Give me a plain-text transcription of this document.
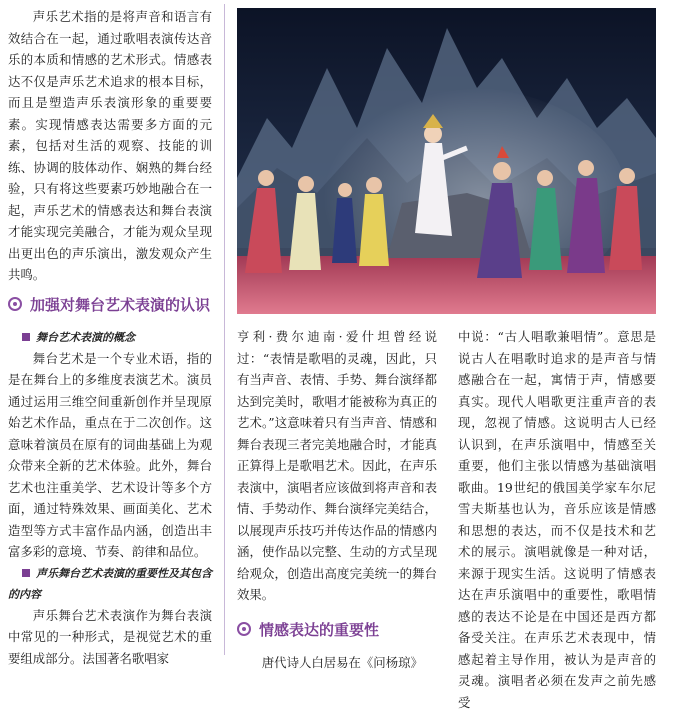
声乐艺术指的是将声音和语言有效结合在一起，通过歌唱表演传达音乐的本质和情感的艺术形式。情感表达不仅是声乐艺术追求的根本目标，而且是塑造声乐表演形象的重要要素。实现情感表达需要多方面的元素，包括对生活的观察、技能的训练、协调的肢体动作、娴熟的舞台经验，只有将这些要素巧妙地融合在一起，声乐艺术的情感表达和舞台表演才能实现完美融合，才能为观众呈现出更出色的声乐演出，激发观众产生共鸣。

加强对舞台艺术表演的认识
舞台艺术表演的概念

舞台艺术是一个专业术语，指的是在舞台上的多维度表演艺术。演员通过运用三维空间重新创作并呈现原始艺术作品，重点在于二次创作。这意味着演员在原有的词曲基础上为观众带来全新的艺术体验。此外，舞台艺术也注重美学、艺术设计等多个方面，通过特殊效果、画面美化、艺术造型等方式丰富作品内涵，创造出丰富多彩的意境、节奏、韵律和品位。

声乐舞台艺术表演的重要性及其包含的内容

声乐舞台艺术表演作为舞台表演中常见的一种形式，是视觉艺术的重要组成部分。法国著名歌唱家

亨利·费尔迪南·爱什坦曾经说过：“表情是歌唱的灵魂，因此，只有当声音、表情、手势、舞台演绎都达到完美时，歌唱才能被称为真正的艺术。”这意味着只有当声音、情感和舞台表现三者完美地融合时，才能真正算得上是歌唱艺术。因此，在声乐表演中，演唱者应该做到将声音和表情、手势动作、舞台演绎完美结合，以展现声乐技巧并传达作品的情感内涵，使作品以完整、生动的方式呈现给观众，创造出高度完美统一的舞台效果。

情感表达的重要性

唐代诗人白居易在《问杨琼》

中说：“古人唱歌兼唱情”。意思是说古人在唱歌时追求的是声音与情感融合在一起，寓情于声，情感要真实。现代人唱歌更注重声音的表现，忽视了情感。这说明古人已经认识到，在声乐演唱中，情感至关重要，他们主张以情感为基础演唱歌曲。19世纪的俄国美学家车尔尼雪夫斯基也认为，音乐应该是情感和思想的表达，而不仅是技术和艺术的展示。演唱就像是一种对话，来源于现实生活。这说明了情感表达在声乐演唱中的重要性，歌唱情感的表达不论是在中国还是西方都备受关注。在声乐艺术表现中，情感起着主导作用，被认为是声音的灵魂。演唱者必须在发声之前先感受
